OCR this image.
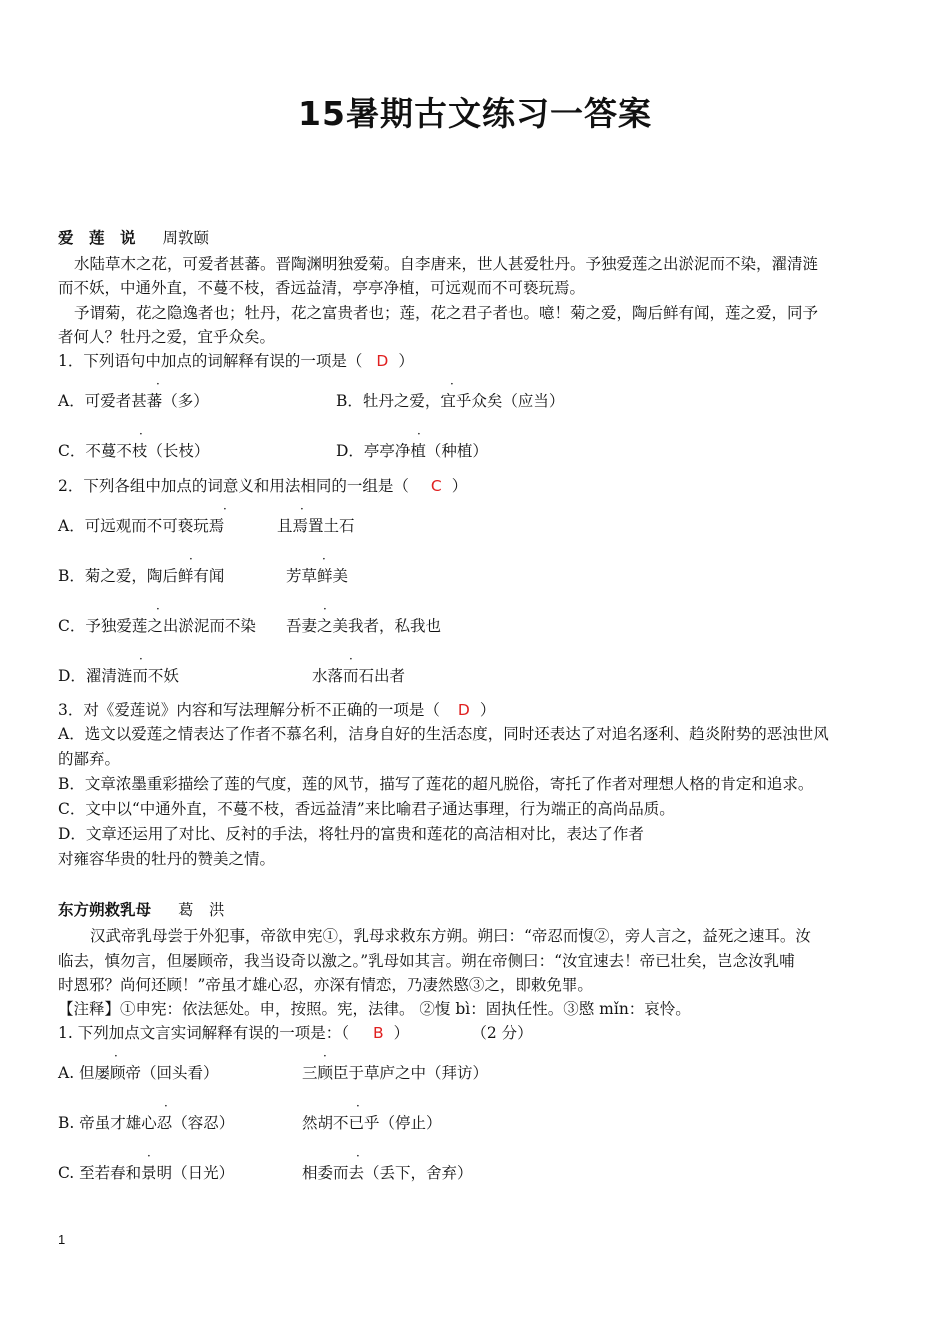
15暑期古文练习一答案
爱　莲　说 周敦颐
水陆草木之花，可爱者甚蕃。晋陶渊明独爱菊。自李唐来，世人甚爱牡丹。予独爱莲之出淤泥而不染，濯清涟
而不妖，中通外直，不蔓不枝，香远益清，亭亭净植，可远观而不可亵玩焉。
予谓菊，花之隐逸者也；牡丹，花之富贵者也；莲，花之君子者也。噫！菊之爱，陶后鲜有闻，莲之爱，同予
者何人？牡丹之爱，宜乎众矣。
1．下列语句中加点的词解释有误的一项是（ D ）
·
A．可爱者甚蕃（多）
·
B．牡丹之爱，宜乎众矣（应当）
·
C．不蔓不枝（长枝）
·
D．亭亭净植（种植）
2．下列各组中加点的词意义和用法相同的一组是（ C ）
·
A．可远观而不可亵玩焉
·
且焉置土石
·
B．菊之爱，陶后鲜有闻
·
芳草鲜美
·
C．予独爱莲之出淤泥而不染
·
吾妻之美我者，私我也
·
D．濯清涟而不妖
·
水落而石出者
3．对《爱莲说》内容和写法理解分析不正确的一项是（ D ）
A．选文以爱莲之情表达了作者不慕名利，洁身自好的生活态度，同时还表达了对追名逐利、趋炎附势的恶浊世风
的鄙弃。
B．文章浓墨重彩描绘了莲的气度，莲的风节，描写了莲花的超凡脱俗，寄托了作者对理想人格的肯定和追求。
C．文中以“中通外直，不蔓不枝，香远益清”来比喻君子通达事理，行为端正的高尚品质。
D．文章还运用了对比、反衬的手法，将牡丹的富贵和莲花的高洁相对比，表达了作者
对雍容华贵的牡丹的赞美之情。
东方朔救乳母 葛　洪
汉武帝乳母尝于外犯事，帝欲申宪①，乳母求救东方朔。朔曰：“帝忍而愎②，旁人言之，益死之速耳。汝
临去，慎勿言，但屡顾帝，我当设奇以激之。”乳母如其言。朔在帝侧曰：“汝宜速去！帝已壮矣，岂念汝乳哺
时恩邪？尚何还顾！”帝虽才雄心忍，亦深有情恋，乃凄然愍③之，即敕免罪。
【注释】①申宪：依法惩处。申，按照。宪，法律。 ②愎 bì：固执任性。③愍 mǐn：哀怜。
1. 下列加点文言实词解释有误的一项是：（ B ）	（2 分）
·
A. 但屡顾帝（回头看）
·
三顾臣于草庐之中（拜访）
·
B. 帝虽才雄心忍（容忍）
·
然胡不已乎（停止）
·
C. 至若春和景明（日光）
·
相委而去（丢下，舍弃）
1
